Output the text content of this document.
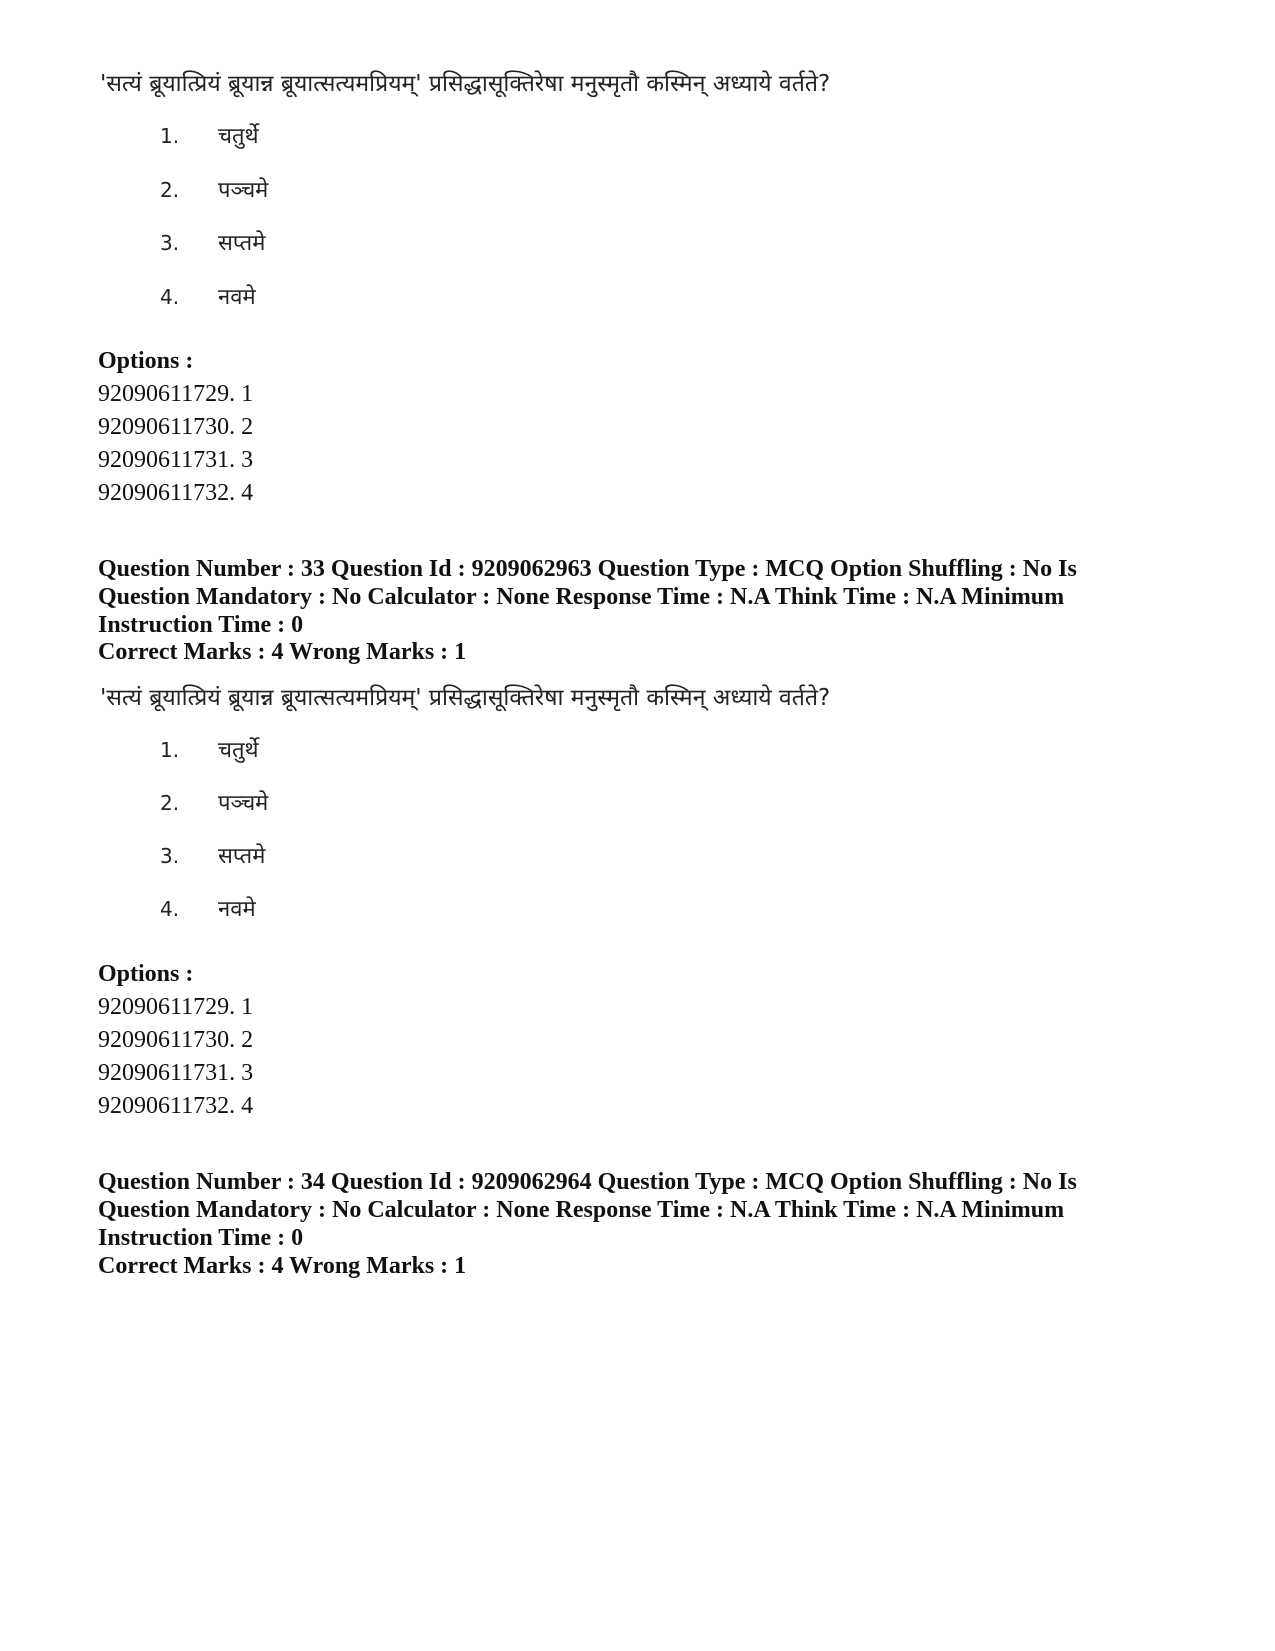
'सत्यं ब्रूयात्प्रियं ब्रूयान्न ब्रूयात्सत्यमप्रियम्' प्रसिद्धासूक्तिरेषा मनुस्मृतौ कस्मिन् अध्याये वर्तते?
1. चतुर्थे
2. पञ्चमे
3. सप्तमे
4. नवमे
Options :
92090611729. 1
92090611730. 2
92090611731. 3
92090611732. 4
Question Number : 33 Question Id : 9209062963 Question Type : MCQ Option Shuffling : No Is Question Mandatory : No Calculator : None Response Time : N.A Think Time : N.A Minimum Instruction Time : 0
Correct Marks : 4 Wrong Marks : 1
'सत्यं ब्रूयात्प्रियं ब्रूयान्न ब्रूयात्सत्यमप्रियम्' प्रसिद्धासूक्तिरेषा मनुस्मृतौ कस्मिन् अध्याये वर्तते?
1. चतुर्थे
2. पञ्चमे
3. सप्तमे
4. नवमे
Options :
92090611729. 1
92090611730. 2
92090611731. 3
92090611732. 4
Question Number : 34 Question Id : 9209062964 Question Type : MCQ Option Shuffling : No Is Question Mandatory : No Calculator : None Response Time : N.A Think Time : N.A Minimum Instruction Time : 0
Correct Marks : 4 Wrong Marks : 1
